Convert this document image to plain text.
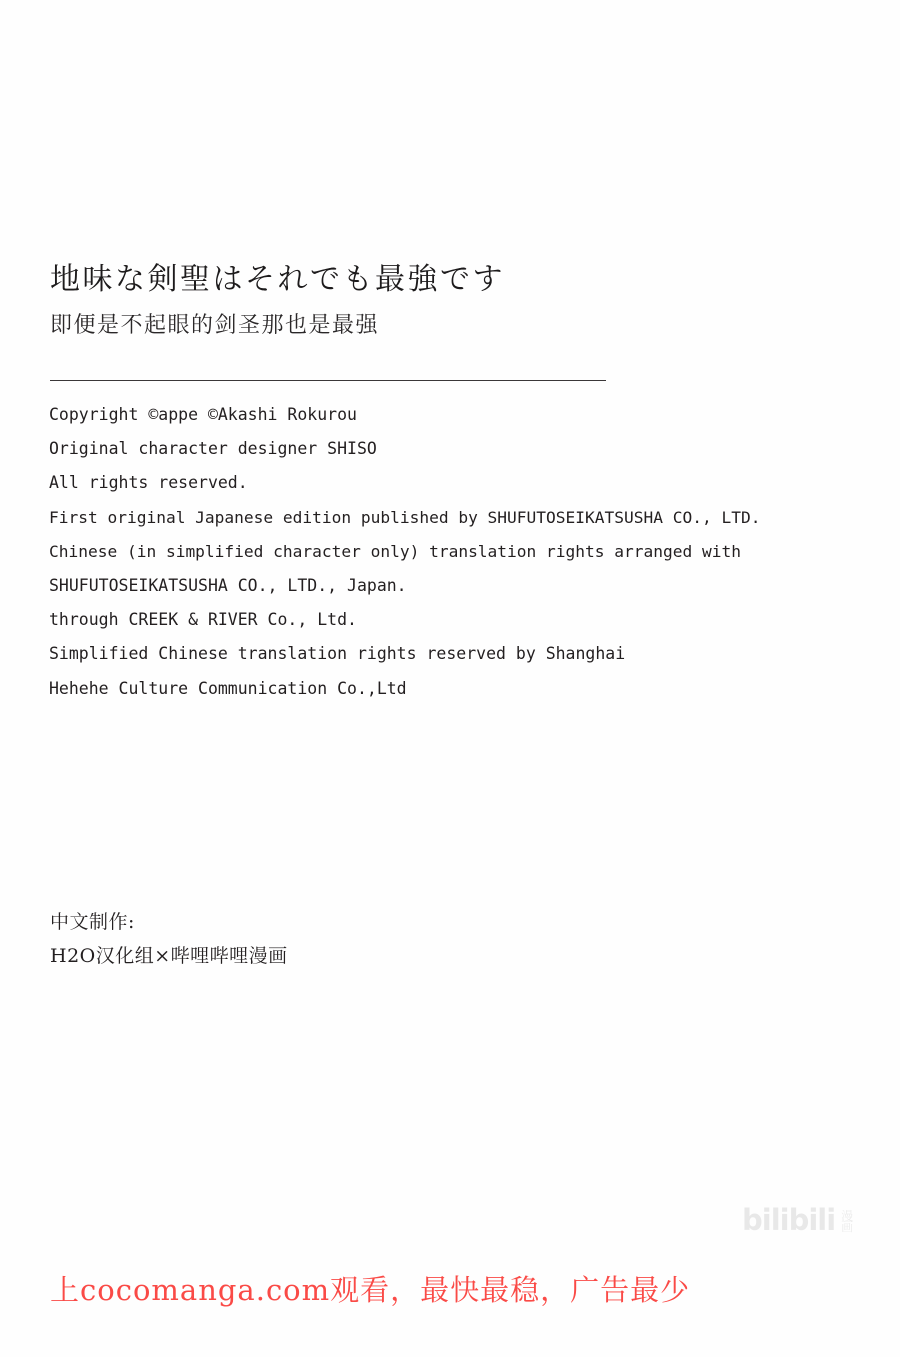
地味な剣聖はそれでも最強です
即便是不起眼的剑圣那也是最强
Copyright ©appe ©Akashi Rokurou
Original character designer SHISO
All rights reserved.
First original Japanese edition published by SHUFUTOSEIKATSUSHA CO., LTD.
Chinese (in simplified character only) translation rights arranged with
SHUFUTOSEIKATSUSHA CO., LTD., Japan.
through CREEK & RIVER Co., Ltd.
Simplified Chinese translation rights reserved by Shanghai
Hehehe Culture Communication Co.,Ltd
中文制作:
H2O汉化组×哔哩哔哩漫画
bilibili 漫画
上cocomanga.com观看，最快最稳，广告最少
